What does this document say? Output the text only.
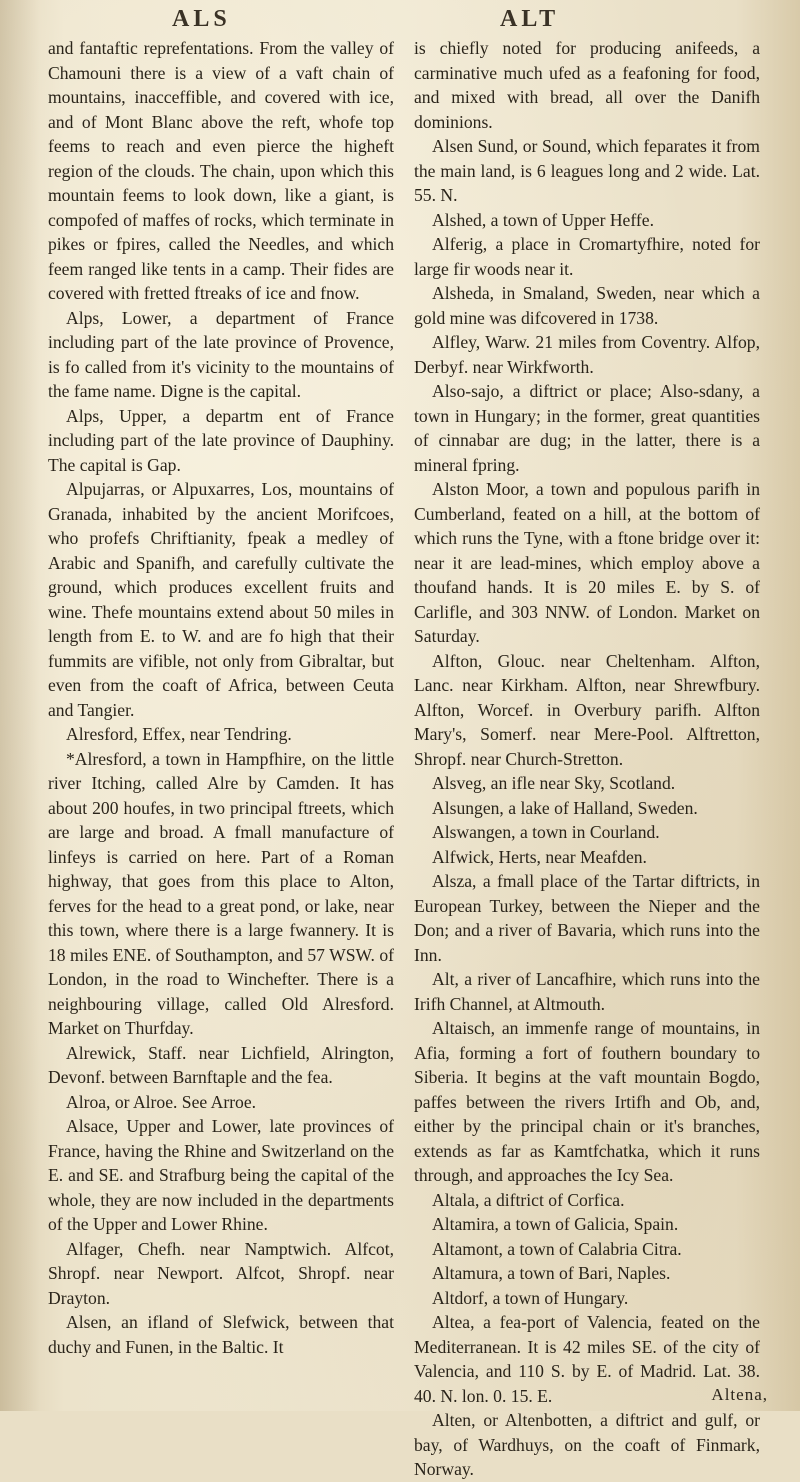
ALS	ALT

and fantaftic reprefentations. From the valley of Chamouni there is a view of a vaft chain of mountains, inacceffible, and covered with ice, and of Mont Blanc above the reft, whofe top feems to reach and even pierce the higheft region of the clouds. The chain, upon which this mountain feems to look down, like a giant, is compofed of maffes of rocks, which terminate in pikes or fpires, called the Needles, and which feem ranged like tents in a camp. Their fides are covered with fretted ftreaks of ice and fnow.

Alps, Lower, a department of France including part of the late province of Provence, is fo called from it's vicinity to the mountains of the fame name. Digne is the capital.

Alps, Upper, a departm ent of France including part of the late province of Dauphiny. The capital is Gap.

Alpujarras, or Alpuxarres, Los, mountains of Granada, inhabited by the ancient Morifcoes, who profefs Chriftianity, fpeak a medley of Arabic and Spanifh, and carefully cultivate the ground, which produces excellent fruits and wine. Thefe mountains extend about 50 miles in length from E. to W. and are fo high that their fummits are vifible, not only from Gibraltar, but even from the coaft of Africa, between Ceuta and Tangier.

Alresford, Effex, near Tendring.

*Alresford, a town in Hampfhire, on the little river Itching, called Alre by Camden. It has about 200 houfes, in two principal ftreets, which are large and broad. A fmall manufacture of linfeys is carried on here. Part of a Roman highway, that goes from this place to Alton, ferves for the head to a great pond, or lake, near this town, where there is a large fwannery. It is 18 miles ENE. of Southampton, and 57 WSW. of London, in the road to Winchefter. There is a neighbouring village, called Old Alresford. Market on Thurfday.

Alrewick, Staff. near Lichfield, Alrington, Devonf. between Barnftaple and the fea.

Alroa, or Alroe. See Arroe.

Alsace, Upper and Lower, late provinces of France, having the Rhine and Switzerland on the E. and SE. and Strafburg being the capital of the whole, they are now included in the departments of the Upper and Lower Rhine.

Alfager, Chefh. near Namptwich. Alfcot, Shropf. near Newport. Alfcot, Shropf. near Drayton.

Alsen, an ifland of Slefwick, between that duchy and Funen, in the Baltic. It

is chiefly noted for producing anifeeds, a carminative much ufed as a feafoning for food, and mixed with bread, all over the Danifh dominions.

Alsen Sund, or Sound, which feparates it from the main land, is 6 leagues long and 2 wide. Lat. 55. N.

Alshed, a town of Upper Heffe.

Alferig, a place in Cromartyfhire, noted for large fir woods near it.

Alsheda, in Smaland, Sweden, near which a gold mine was difcovered in 1738.

Alfley, Warw. 21 miles from Coventry. Alfop, Derbyf. near Wirkfworth.

Also-sajo, a diftrict or place; Also-sdany, a town in Hungary; in the former, great quantities of cinnabar are dug; in the latter, there is a mineral fpring.

Alston Moor, a town and populous parifh in Cumberland, feated on a hill, at the bottom of which runs the Tyne, with a ftone bridge over it: near it are lead-mines, which employ above a thoufand hands. It is 20 miles E. by S. of Carlifle, and 303 NNW. of London. Market on Saturday.

Alfton, Glouc. near Cheltenham. Alfton, Lanc. near Kirkham. Alfton, near Shrewfbury. Alfton, Worcef. in Overbury parifh. Alfton Mary's, Somerf. near Mere-Pool. Alftretton, Shropf. near Church-Stretton.

Alsveg, an ifle near Sky, Scotland.

Alsungen, a lake of Halland, Sweden.

Alswangen, a town in Courland.

Alfwick, Herts, near Meafden.

Alsza, a fmall place of the Tartar diftricts, in European Turkey, between the Nieper and the Don; and a river of Bavaria, which runs into the Inn.

Alt, a river of Lancafhire, which runs into the Irifh Channel, at Altmouth.

Altaisch, an immenfe range of mountains, in Afia, forming a fort of fouthern boundary to Siberia. It begins at the vaft mountain Bogdo, paffes between the rivers Irtifh and Ob, and, either by the principal chain or it's branches, extends as far as Kamtfchatka, which it runs through, and approaches the Icy Sea.

Altala, a diftrict of Corfica.

Altamira, a town of Galicia, Spain.

Altamont, a town of Calabria Citra.

Altamura, a town of Bari, Naples.

Altdorf, a town of Hungary.

Altea, a fea-port of Valencia, feated on the Mediterranean. It is 42 miles SE. of the city of Valencia, and 110 S. by E. of Madrid. Lat. 38. 40. N. lon. 0. 15. E.

Alten, or Altenbotten, a diftrict and gulf, or bay, of Wardhuys, on the coaft of Finmark, Norway.

Altena,
